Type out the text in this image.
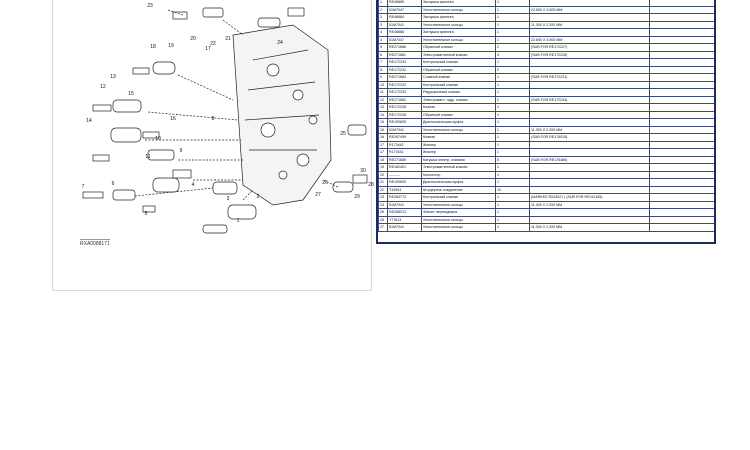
23
21
24
18
20
19	17
22
12
13
14
15
16
11
10
9
8
7	6
5
4
3	2
1
25
26
27
30
29
28
RXA0088171
1	RE46689	Заглушка фитинга	1		
2	51M7047	Уплотнительное кольцо	1	22.600 X 3.500 MM	
3	RE46684	Заглушка фитинга	1		
3	51M7041	Уплотнительное кольцо	1	11.300 X 2.200 MM	
4	RE46686	Заглушка фитинга	1		
4	51M7047	Уплотнительное кольцо	1	22.600 X 3.500 MM	
5	RE271686	Обратный клапан	2	(SUB FOR RE172227)	
6	RE271681	Электромагнитный клапан	3	(SUB FOR RE172228)	
7	RE172233	Контрольный клапан	1		
8	RE172232	Обратный клапан	2		
9	RE271684	Сливной клапан	1	(SUB FOR RE172231)	
10	RE172232	Контрольный клапан	1		
11	RE172233	Редукционный клапан	1		
12	RE271682	Электромагн. гидр. клапан	2	(SUB FOR RE172234)	
13	RE172235	Клапан	1		
14	RE172236	Обратный клапан	1		
15	RE190805	Диагностическая муфта	1		
16	51M7041	Уплотнительное кольцо	1	11.300 X 2.200 MM	
16	RE267499	Клапан	1	(SUB FOR RE175015)	
17	R173442	Жиклер	1		
17	R173441	Жиклер	1		
18	RE271685	Катушка электр. клапана	5	(SUB FOR RE175485)	
19	RE182401	Электромагнитный клапан	1		
20	---------	Коллектор	1		
21	RE190805	Диагностическая муфта	1		
22	T34904	Штуцерное соединение	10		
23	RE284773	Контрольный клапан	1	(MARKED R243021 ) (SUB FOR RE241165)	
24	51M7041	Уплотнительное кольцо	1	11.300 X 2.200 MM	
25	RE258213	Фитинг переходника	1		
26	T77613	Уплотнительное кольцо	1		
27	51M7041	Уплотнительное кольцо	1	11.300 X 2.200 MM	
